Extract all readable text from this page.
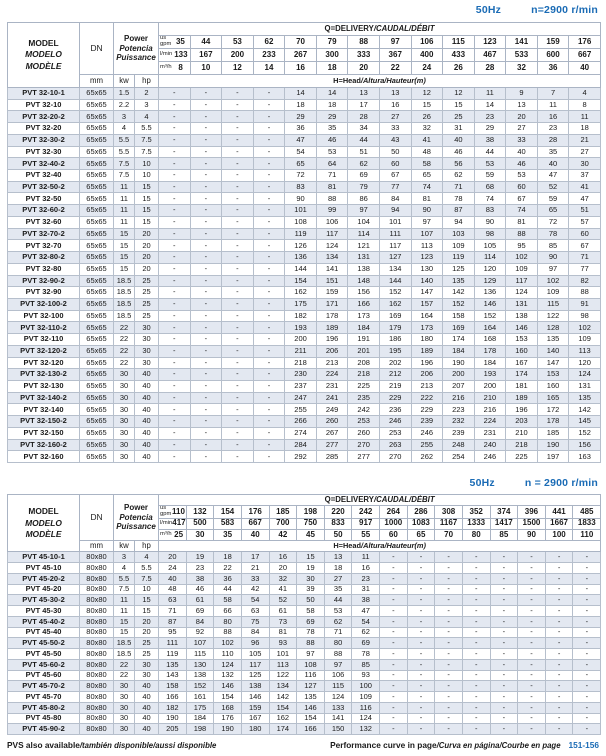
50Hz	n=2900 r/min
MODEL
MODELO
MODÈLE
	DN	
Power
Potencia
Puissance
	Q=DELIVERY/CAUDAL/DÉBIT

				us
gpm 35	44	53	62	70	79	88	97	106	115	123	141	159	176

				l/min 133	167	200	233	267	300	333	367	400	433	467	533	600	667

				m³/h 8	10	12	14	16	18	20	22	24	26	28	32	36	40
	mm	kw	hp	H=Head/Altura/Hauteur(m)													
PVT 32-10-1	65x65	1.5	2	-	-	-	-	14	14	13	13	12	12	11	9	7	4
PVT 32-10	65x65	2.2	3	-	-	-	-	18	18	17	16	15	15	14	13	11	8
PVT 32-20-2	65x65	3	4	-	-	-	-	29	29	28	27	26	25	23	20	16	11
PVT 32-20	65x65	4	5.5	-	-	-	-	36	35	34	33	32	31	29	27	23	18
PVT 32-30-2	65x65	5.5	7.5	-	-	-	-	47	46	44	43	41	40	38	33	28	21
PVT 32-30	65x65	5.5	7.5	-	-	-	-	54	53	51	50	48	46	44	40	35	27
PVT 32-40-2	65x65	7.5	10	-	-	-	-	65	64	62	60	58	56	53	46	40	30
PVT 32-40	65x65	7.5	10	-	-	-	-	72	71	69	67	65	62	59	53	47	37
PVT 32-50-2	65x65	11	15	-	-	-	-	83	81	79	77	74	71	68	60	52	41
PVT 32-50	65x65	11	15	-	-	-	-	90	88	86	84	81	78	74	67	59	47
PVT 32-60-2	65x65	11	15	-	-	-	-	101	99	97	94	90	87	83	74	65	51
PVT 32-60	65x65	11	15	-	-	-	-	108	106	104	101	97	94	90	81	72	57
PVT 32-70-2	65x65	15	20	-	-	-	-	119	117	114	111	107	103	98	88	78	60
PVT 32-70	65x65	15	20	-	-	-	-	126	124	121	117	113	109	105	95	85	67
PVT 32-80-2	65x65	15	20	-	-	-	-	136	134	131	127	123	119	114	102	90	71
PVT 32-80	65x65	15	20	-	-	-	-	144	141	138	134	130	125	120	109	97	77
PVT 32-90-2	65x65	18.5	25	-	-	-	-	154	151	148	144	140	135	129	117	102	82
PVT 32-90	65x65	18.5	25	-	-	-	-	162	159	156	152	147	142	136	124	109	88
PVT 32-100-2	65x65	18.5	25	-	-	-	-	175	171	166	162	157	152	146	131	115	91
PVT 32-100	65x65	18.5	25	-	-	-	-	182	178	173	169	164	158	152	138	122	98
PVT 32-110-2	65x65	22	30	-	-	-	-	193	189	184	179	173	169	164	146	128	102
PVT 32-110	65x65	22	30	-	-	-	-	200	196	191	186	180	174	168	153	135	109
PVT 32-120-2	65x65	22	30	-	-	-	-	211	206	201	195	189	184	178	160	140	113
PVT 32-120	65x65	22	30	-	-	-	-	218	213	208	202	196	190	184	167	147	120
PVT 32-130-2	65x65	30	40	-	-	-	-	230	224	218	212	206	200	193	174	153	124
PVT 32-130	65x65	30	40	-	-	-	-	237	231	225	219	213	207	200	181	160	131
PVT 32-140-2	65x65	30	40	-	-	-	-	247	241	235	229	222	216	210	189	165	135
PVT 32-140	65x65	30	40	-	-	-	-	255	249	242	236	229	223	216	196	172	142
PVT 32-150-2	65x65	30	40	-	-	-	-	266	260	253	246	239	232	224	203	178	145
PVT 32-150	65x65	30	40	-	-	-	-	274	267	260	253	246	239	231	210	185	152
PVT 32-160-2	65x65	30	40	-	-	-	-	284	277	270	263	255	248	240	218	190	156
PVT 32-160	65x65	30	40	-	-	-	-	292	285	277	270	262	254	246	225	197	163
50Hz	n = 2900 r/min
MODEL
MODELO
MODÈLE
	DN	
Power
Potencia
Puissance
	Q=DELIVERY/CAUDAL/DÉBIT

				us
gpm 110	132	154	176	185	198	220	242	264	286	308	352	374	396	441	485

				l/min 417	500	583	667	700	750	833	917	1000	1083	1167	1333	1417	1500	1667	1833

				m³/h 25	30	35	40	42	45	50	55	60	65	70	80	85	90	100	110
	mm	kw	hp	H=Head/Altura/Hauteur(m)															
PVT 45-10-1	80x80	3	4	20	19	18	17	16	15	13	11	-	-	-	-	-	-	-	-
PVT 45-10	80x80	4	5.5	24	23	22	21	20	19	18	16	-	-	-	-	-	-	-	-
PVT 45-20-2	80x80	5.5	7.5	40	38	36	33	32	30	27	23	-	-	-	-	-	-	-	-
PVT 45-20	80x80	7.5	10	48	46	44	42	41	39	35	31	-	-	-	-	-	-	-	-
PVT 45-30-2	80x80	11	15	63	61	58	54	52	50	44	38	-	-	-	-	-	-	-	-
PVT 45-30	80x80	11	15	71	69	66	63	61	58	53	47	-	-	-	-	-	-	-	-
PVT 45-40-2	80x80	15	20	87	84	80	75	73	69	62	54	-	-	-	-	-	-	-	-
PVT 45-40	80x80	15	20	95	92	88	84	81	78	71	62	-	-	-	-	-	-	-	-
PVT 45-50-2	80x80	18.5	25	111	107	102	96	93	88	80	69	-	-	-	-	-	-	-	-
PVT 45-50	80x80	18.5	25	119	115	110	105	101	97	88	78	-	-	-	-	-	-	-	-
PVT 45-60-2	80x80	22	30	135	130	124	117	113	108	97	85	-	-	-	-	-	-	-	-
PVT 45-60	80x80	22	30	143	138	132	125	122	116	106	93	-	-	-	-	-	-	-	-
PVT 45-70-2	80x80	30	40	158	152	146	138	134	127	115	100	-	-	-	-	-	-	-	-
PVT 45-70	80x80	30	40	166	161	154	146	142	135	124	109	-	-	-	-	-	-	-	-
PVT 45-80-2	80x80	30	40	182	175	168	159	154	146	133	116	-	-	-	-	-	-	-	-
PVT 45-80	80x80	30	40	190	184	176	167	162	154	141	124	-	-	-	-	-	-	-	-
PVT 45-90-2	80x80	30	40	205	198	190	180	174	166	150	132	-	-	-	-	-	-	-	-
PVS also available/también disponible/aussi disponible	Performance curve in page/Curva en página/Courbe en page 151-156
